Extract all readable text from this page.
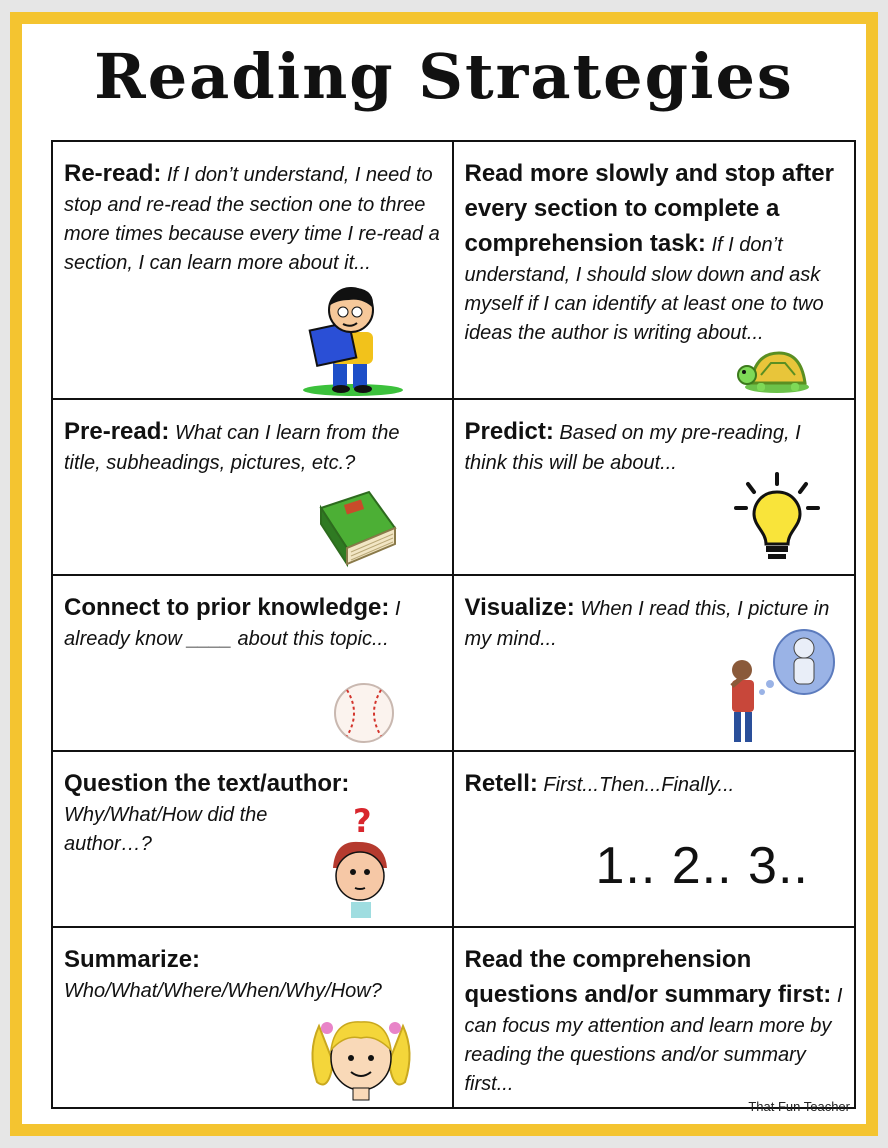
Reading Strategies

Re-read: If I don’t understand, I need to stop and re-read the section one to three more times because every time I re-read a section, I can learn more about it...

Read more slowly and stop after every section to complete a comprehension task: If I don’t understand, I should slow down and ask myself if I can identify at least one to two ideas the author is writing about...

Pre-read: What can I learn from the title, subheadings, pictures, etc.?

Predict: Based on my pre-reading, I think this will be about...

Connect to prior knowledge: I already know ____ about this topic...

Visualize: When I read this, I picture in my mind...

Question the text/author:
Why/What/How did the author…?

?

Retell: First...Then...Finally...

1.. 2.. 3..

Summarize:
Who/What/Where/When/Why/How?

Read the comprehension questions and/or summary first: I can focus my attention and learn more by reading the questions and/or summary first...

That Fun Teacher
